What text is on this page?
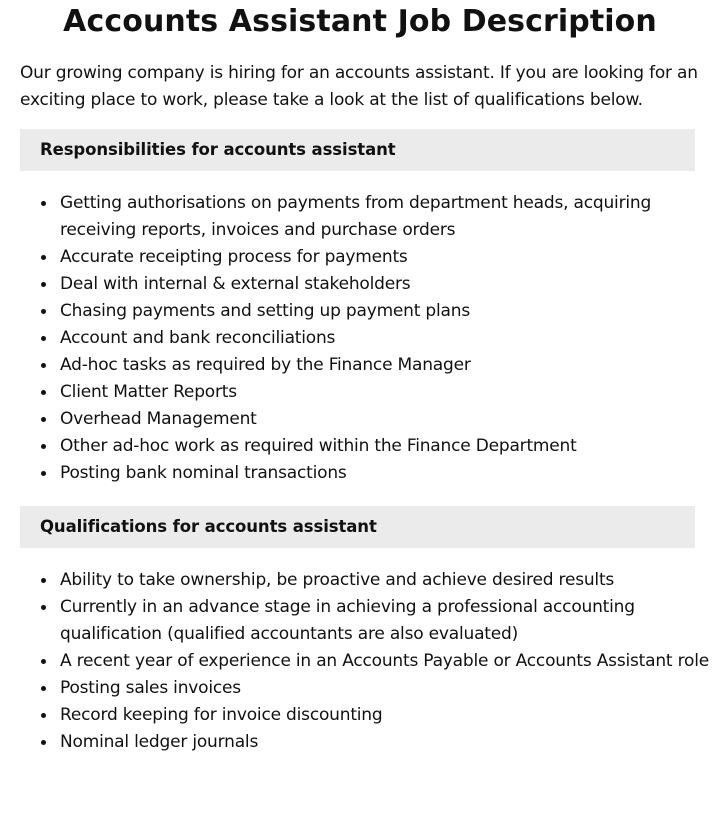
Accounts Assistant Job Description

Our growing company is hiring for an accounts assistant. If you are looking for an exciting place to work, please take a look at the list of qualifications below.

Responsibilities for accounts assistant
Getting authorisations on payments from department heads, acquiring receiving reports, invoices and purchase orders
Accurate receipting process for payments
Deal with internal & external stakeholders
Chasing payments and setting up payment plans
Account and bank reconciliations
Ad-hoc tasks as required by the Finance Manager
Client Matter Reports
Overhead Management
Other ad-hoc work as required within the Finance Department
Posting bank nominal transactions
Qualifications for accounts assistant
Ability to take ownership, be proactive and achieve desired results
Currently in an advance stage in achieving a professional accounting qualification (qualified accountants are also evaluated)
A recent year of experience in an Accounts Payable or Accounts Assistant role
Posting sales invoices
Record keeping for invoice discounting
Nominal ledger journals
